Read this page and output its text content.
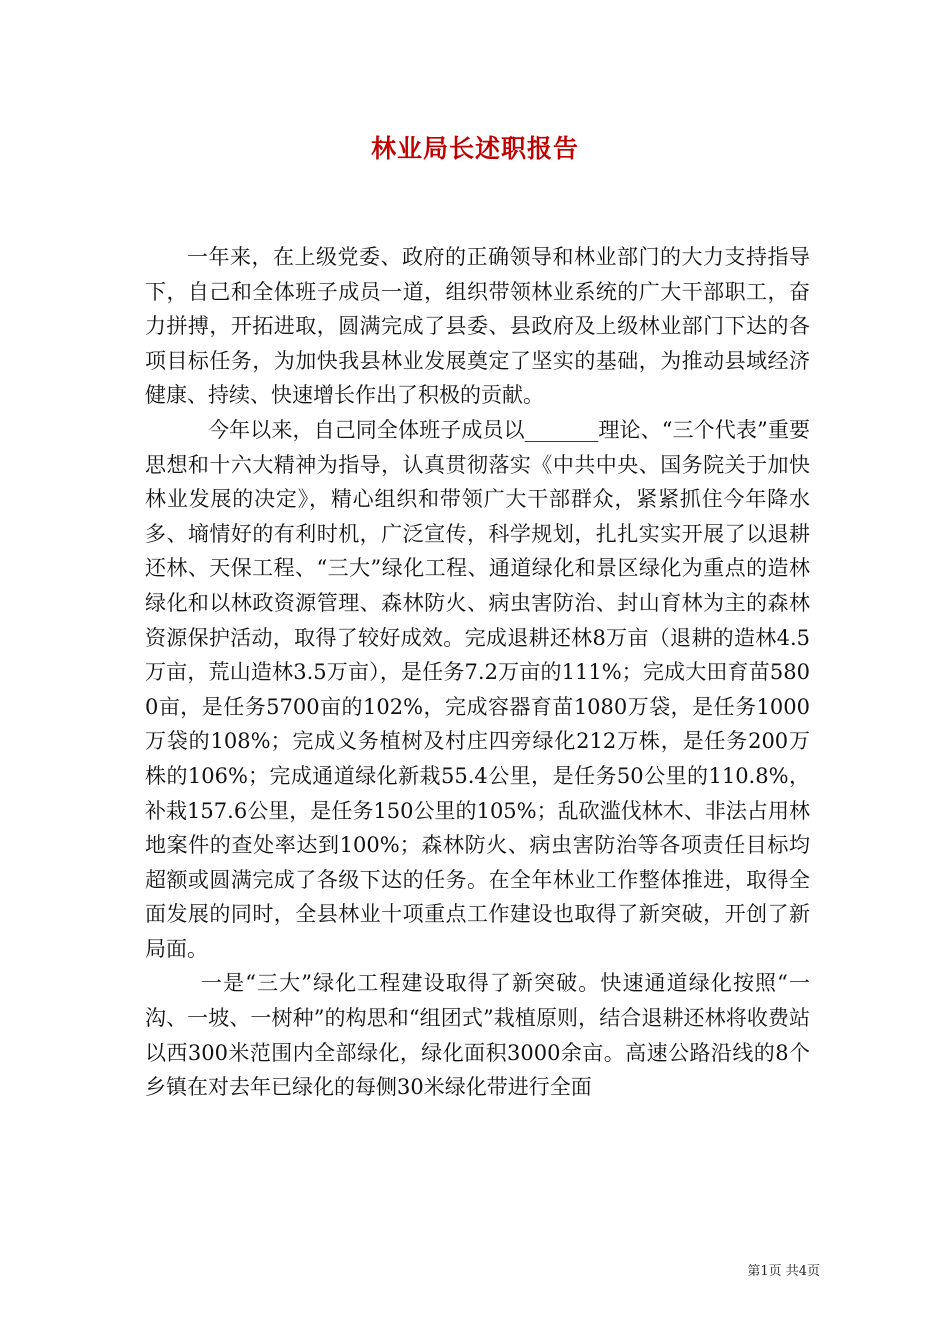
林业局长述职报告

一年来，在上级党委、政府的正确领导和林业部门的大力支持指导下，自己和全体班子成员一道，组织带领林业系统的广大干部职工，奋力拼搏，开拓进取，圆满完成了县委、县政府及上级林业部门下达的各项目标任务，为加快我县林业发展奠定了坚实的基础，为推动县域经济健康、持续、快速增长作出了积极的贡献。

今年以来，自己同全体班子成员以_______理论、“三个代表”重要思想和十六大精神为指导，认真贯彻落实《中共中央、国务院关于加快林业发展的决定》，精心组织和带领广大干部群众，紧紧抓住今年降水多、墒情好的有利时机，广泛宣传，科学规划，扎扎实实开展了以退耕还林、天保工程、“三大”绿化工程、通道绿化和景区绿化为重点的造林绿化和以林政资源管理、森林防火、病虫害防治、封山育林为主的森林资源保护活动，取得了较好成效。完成退耕还林8万亩（退耕的造林4.5万亩，荒山造林3.5万亩），是任务7.2万亩的111%；完成大田育苗5800亩，是任务5700亩的102%，完成容器育苗1080万袋，是任务1000万袋的108%；完成义务植树及村庄四旁绿化212万株，是任务200万株的106%；完成通道绿化新栽55.4公里，是任务50公里的110.8%，补栽157.6公里，是任务150公里的105%；乱砍滥伐林木、非法占用林地案件的查处率达到100%；森林防火、病虫害防治等各项责任目标均超额或圆满完成了各级下达的任务。在全年林业工作整体推进，取得全面发展的同时，全县林业十项重点工作建设也取得了新突破，开创了新局面。

一是“三大”绿化工程建设取得了新突破。快速通道绿化按照“一沟、一坡、一树种”的构思和“组团式”栽植原则，结合退耕还林将收费站以西300米范围内全部绿化，绿化面积3000余亩。高速公路沿线的8个乡镇在对去年已绿化的每侧30米绿化带进行全面

第1页 共4页
